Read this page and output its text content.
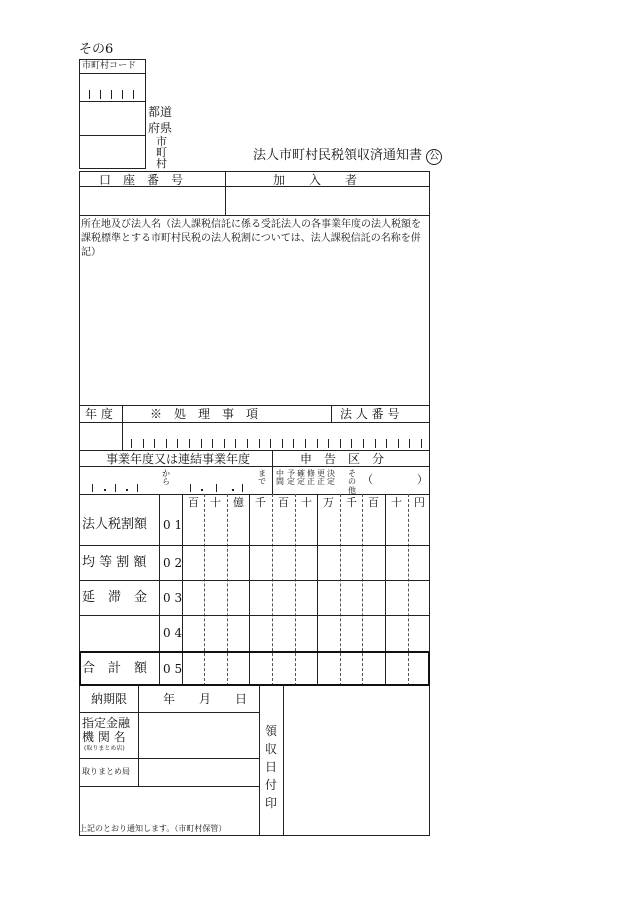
その6
市町村コード
都道
府県
市
町
村
法人市町村民税領収済通知書 公
口　座　番　号	加　　入　　者
所在地及び法人名（法人課税信託に係る受託法人の各事業年度の法人税額を課税標準とする市町村民税の法人税割については、法人課税信託の名称を併記）
年 度	※　処　理　事　項	法 人 番 号
事業年度又は連結事業年度	申　告　区　分
か
ら
ま
で
中
間
予
定
確
定
修
正
更
正
決
定
そ
の
他
（　　　　）
百 十 億 千 百 十 万 千 百 十 円
法人税割額 0 1
均 等 割 額 0 2
延　滞　金 0 3
0 4
合　計　額 0 5
納期限	年 月 日
指定金融
機 関 名
(取りまとめ店)
取りまとめ局
領
収
日
付
印
上記のとおり通知します。（市町村保管）
